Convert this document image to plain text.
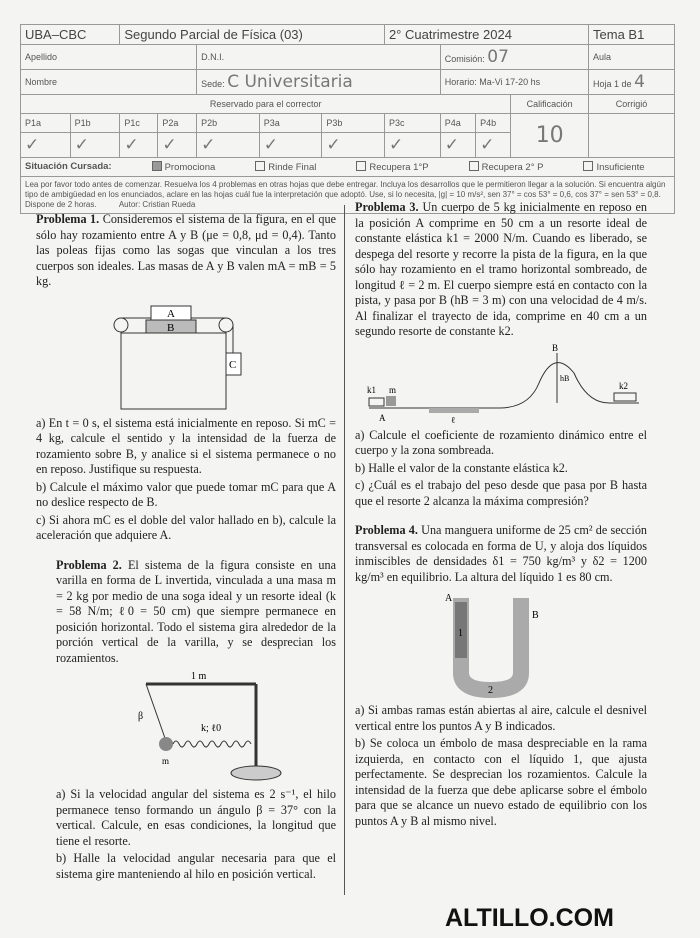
UBA–CBC		Segundo Parcial de Física (03)					2° Cuatrimestre 2024				Tema B1
Apellido				D.N.I.				Comisión: 07			Aula
Nombre				Sede: C Universitaria				Horario: Ma-Vi 17-20 hs			Hoja 1 de 4
Reservado para el corrector										Calificación	Corrigió
P1a	P1b	P1c	P2a	P2b	P3a	P3b	P3c	P4a	P4b	10	
✓	✓	✓	✓	✓	✓	✓	✓	✓	✓		
Situación Cursada:	Promociona	Rinde Final	Recupera 1°P	Recupera 2° P	Insuficiente
Lea por favor todo antes de comenzar. Resuelva los 4 problemas en otras hojas que debe entregar. Incluya los desarrollos que le permitieron llegar a la solución. Si encuentra algún tipo de ambigüedad en los enunciados, aclare en las hojas cuál fue la interpretación que adoptó. Use, si lo necesita, |g| = 10 m/s², sen 37° = cos 53° = 0,6, cos 37° = sen 53° = 0,8. Dispone de 2 horas.	Autor: Cristian Rueda

Problema 1. Consideremos el sistema de la figura, en el que sólo hay rozamiento entre A y B (μe = 0,8, μd = 0,4). Tanto las poleas fijas como las sogas que vinculan a los tres cuerpos son ideales. Las masas de A y B valen mA = mB = 5 kg.

A
B
C

a) En t = 0 s, el sistema está inicialmente en reposo. Si mC = 4 kg, calcule el sentido y la intensidad de la fuerza de rozamiento sobre B, y analice si el sistema permanece o no en reposo. Justifique su respuesta.

b) Calcule el máximo valor que puede tomar mC para que A no deslice respecto de B.

c) Si ahora mC es el doble del valor hallado en b), calcule la aceleración que adquiere A.

Problema 2. El sistema de la figura consiste en una varilla en forma de L invertida, vinculada a una masa m = 2 kg por medio de una soga ideal y un resorte ideal (k = 58 N/m; ℓ0 = 50 cm) que siempre permanece en posición horizontal. Todo el sistema gira alrededor de la porción vertical de la varilla, y se desprecian los rozamientos.

1 m
β
m
k; ℓ0

a) Si la velocidad angular del sistema es 2 s⁻¹, el hilo permanece tenso formando un ángulo β = 37° con la vertical. Calcule, en esas condiciones, la longitud que tiene el resorte.

b) Halle la velocidad angular necesaria para que el sistema gire manteniendo al hilo en posición vertical.

Problema 3. Un cuerpo de 5 kg inicialmente en reposo en la posición A comprime en 50 cm a un resorte ideal de constante elástica k1 = 2000 N/m. Cuando es liberado, se despega del resorte y recorre la pista de la figura, en la que sólo hay rozamiento en el tramo horizontal sombreado, de longitud ℓ = 2 m. El cuerpo siempre está en contacto con la pista, y pasa por B (hB = 3 m) con una velocidad de 4 m/s. Al finalizar el trayecto de ida, comprime en 40 cm a un segundo resorte de constante k2.

k1 m
A	ℓ
B
hB
k2

a) Calcule el coeficiente de rozamiento dinámico entre el cuerpo y la zona sombreada.

b) Halle el valor de la constante elástica k2.

c) ¿Cuál es el trabajo del peso desde que pasa por B hasta que el resorte 2 alcanza la máxima compresión?

Problema 4. Una manguera uniforme de 25 cm² de sección transversal es colocada en forma de U, y aloja dos líquidos inmiscibles de densidades δ1 = 750 kg/m³ y δ2 = 1200 kg/m³ en equilibrio. La altura del líquido 1 es 80 cm.

A
B
1
2

a) Si ambas ramas están abiertas al aire, calcule el desnivel vertical entre los puntos A y B indicados.

b) Se coloca un émbolo de masa despreciable en la rama izquierda, en contacto con el líquido 1, que ajusta perfectamente. Se desprecian los rozamientos. Calcule la intensidad de la fuerza que debe aplicarse sobre el émbolo para que se alcance un nuevo estado de equilibrio con los puntos A y B al mismo nivel.

ALTILLO.COM
